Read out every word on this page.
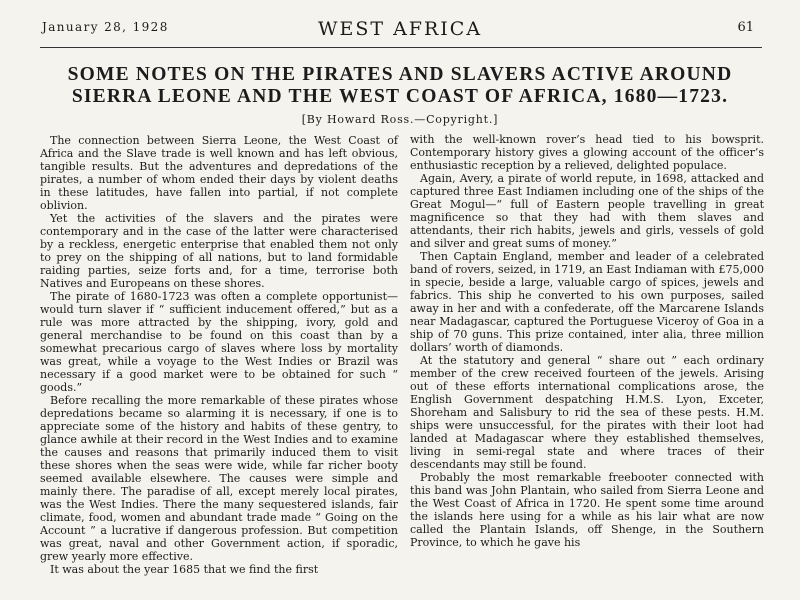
January 28, 1928	WEST AFRICA	61
SOME NOTES ON THE PIRATES AND SLAVERS ACTIVE AROUND
SIERRA LEONE AND THE WEST COAST OF AFRICA, 1680—1723.
[By Howard Ross.—Copyright.]

The connection between Sierra Leone, the West Coast of Africa and the Slave trade is well known and has left obvious, tangible results. But the adventures and depredations of the pirates, a number of whom ended their days by violent deaths in these latitudes, have fallen into partial, if not complete oblivion.

Yet the activities of the slavers and the pirates were contemporary and in the case of the latter were characterised by a reckless, energetic enterprise that enabled them not only to prey on the shipping of all nations, but to land formidable raiding parties, seize forts and, for a time, terrorise both Natives and Europeans on these shores.

The pirate of 1680-1723 was often a complete opportunist—would turn slaver if “ sufficient inducement offered,” but as a rule was more attracted by the shipping, ivory, gold and general merchandise to be found on this coast than by a somewhat precarious cargo of slaves where loss by mortality was great, while a voyage to the West Indies or Brazil was necessary if a good market were to be obtained for such “ goods.”

Before recalling the more remarkable of these pirates whose depredations became so alarming it is necessary, if one is to appreciate some of the history and habits of these gentry, to glance awhile at their record in the West Indies and to examine the causes and reasons that primarily induced them to visit these shores when the seas were wide, while far richer booty seemed available elsewhere. The causes were simple and mainly there. The paradise of all, except merely local pirates, was the West Indies. There the many sequestered islands, fair climate, food, women and abundant trade made “ Going on the Account ” a lucrative if dangerous profession. But competition was great, naval and other Government action, if sporadic, grew yearly more effective.

It was about the year 1685 that we find the first

with the well-known rover’s head tied to his bowsprit. Contemporary history gives a glowing account of the officer’s enthusiastic reception by a relieved, delighted populace.

Again, Avery, a pirate of world repute, in 1698, attacked and captured three East Indiamen including one of the ships of the Great Mogul—“ full of Eastern people travelling in great magnificence so that they had with them slaves and attendants, their rich habits, jewels and girls, vessels of gold and silver and great sums of money.”

Then Captain England, member and leader of a celebrated band of rovers, seized, in 1719, an East Indiaman with £75,000 in specie, beside a large, valuable cargo of spices, jewels and fabrics. This ship he converted to his own purposes, sailed away in her and with a confederate, off the Marcarene Islands near Madagascar, captured the Portuguese Viceroy of Goa in a ship of 70 guns. This prize contained, inter alia, three million dollars’ worth of diamonds.

At the statutory and general “ share out ” each ordinary member of the crew received fourteen of the jewels. Arising out of these efforts international complications arose, the English Government despatching H.M.S. Lyon, Exceter, Shoreham and Salisbury to rid the sea of these pests. H.M. ships were unsuccessful, for the pirates with their loot had landed at Madagascar where they established themselves, living in semi-regal state and where traces of their descendants may still be found.

Probably the most remarkable freebooter connected with this band was John Plantain, who sailed from Sierra Leone and the West Coast of Africa in 1720. He spent some time around the islands here using for a while as his lair what are now called the Plantain Islands, off Shenge, in the Southern Province, to which he gave his
